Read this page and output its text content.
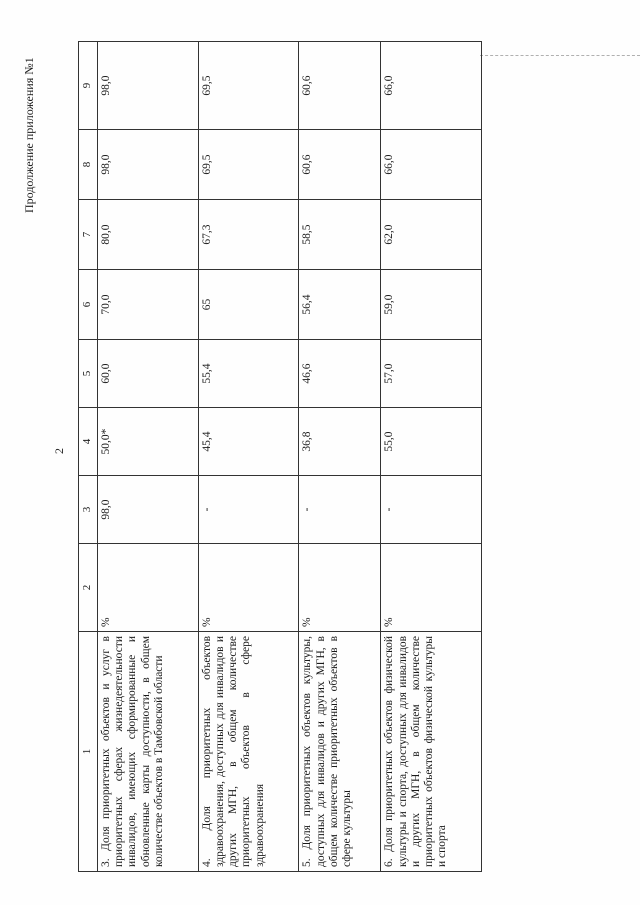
Продолжение приложения №1
2
1	2	3	4	5	6	7	8	9
3. Доля приоритетных объектов и услуг в приоритетных сферах жизнедеятельности инвалидов, имеющих сформированные и обновленные карты доступности, в общем количестве объектов в Тамбовской области	%	98,0	50,0*	60,0	70,0	80,0	98,0	98,0
4. Доля приоритетных объектов здравоохранения, доступных для инвалидов и других МГН, в общем количестве приоритетных объектов в сфере здравоохранения	%	-	45,4	55,4	65	67,3	69,5	69,5
5. Доля приоритетных объектов культуры, доступных для инвалидов и других МГН, в общем количестве приоритетных объектов в сфере культуры	%	-	36,8	46,6	56,4	58,5	60,6	60,6
6. Доля приоритетных объектов физической культуры и спорта, доступных для инвалидов и других МГН, в общем количестве приоритетных объектов физической культуры и спорта	%	-	55,0	57,0	59,0	62,0	66,0	66,0
